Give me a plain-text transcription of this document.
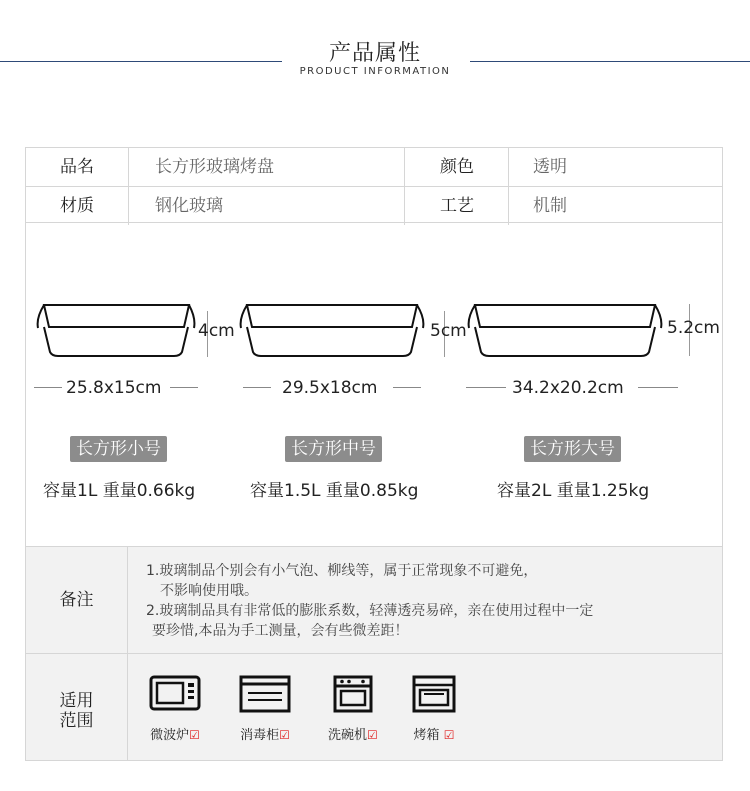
产品属性
PRODUCT INFORMATION
品名	长方形玻璃烤盘	颜色	透明
材质	钢化玻璃	工艺	机制
4cm	5cm	5.2cm
25.8x15cm	29.5x18cm	34.2x20.2cm
长方形小号	长方形中号	长方形大号
容量1L 重量0.66kg	容量1.5L 重量0.85kg	容量2L 重量1.25kg
备注
1.玻璃制品个别会有小气泡、柳线等，属于正常现象不可避免，
不影响使用哦。
2.玻璃制品具有非常低的膨胀系数，轻薄透亮易碎，亲在使用过程中一定
要珍惜,本品为手工测量，会有些微差距！
适用
范围
微波炉☑	消毒柜☑	洗碗机☑	烤箱 ☑
